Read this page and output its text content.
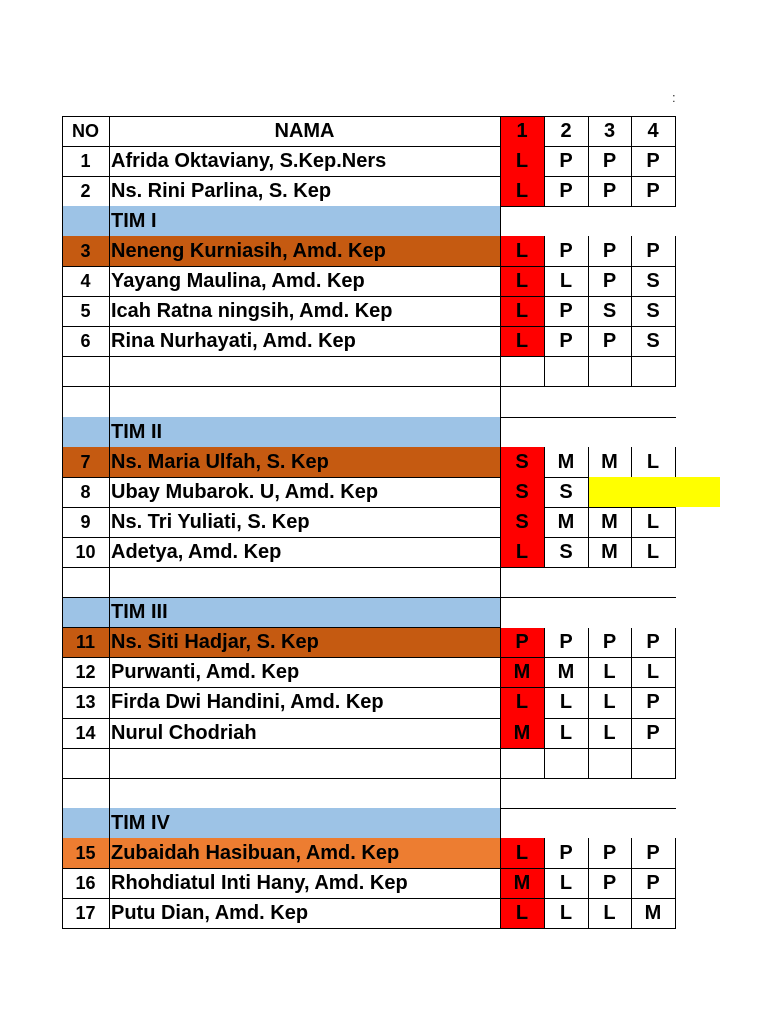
NO	NAMA	1	2	3	4
1	Afrida Oktaviany, S.Kep.Ners	L	P	P	P
2	Ns. Rini Parlina, S. Kep	L	P	P	P
TIM I
3	Neneng Kurniasih, Amd. Kep	L	P	P	P
4	Yayang Maulina, Amd. Kep	L	L	P	S
5	Icah Ratna ningsih, Amd. Kep	L	P	S	S
6	Rina Nurhayati, Amd. Kep	L	P	P	S
TIM II
7	Ns. Maria Ulfah, S. Kep	S	M	M	L
8	Ubay Mubarok. U, Amd. Kep	S	S
9	Ns. Tri Yuliati, S. Kep	S	M	M	L
10 Adetya, Amd. Kep	L	S	M	L
TIM III
11 Ns. Siti Hadjar, S. Kep	P	P	P	P
12 Purwanti, Amd. Kep	M	M	L	L
13 Firda Dwi Handini, Amd. Kep	L	L	L	P
14 Nurul Chodriah	M	L	L	P
TIM IV
15 Zubaidah Hasibuan, Amd. Kep	L	P	P	P
16 Rhohdiatul Inti Hany, Amd. Kep	M	L	P	P
17 Putu Dian, Amd. Kep	L	L	L	M
:
